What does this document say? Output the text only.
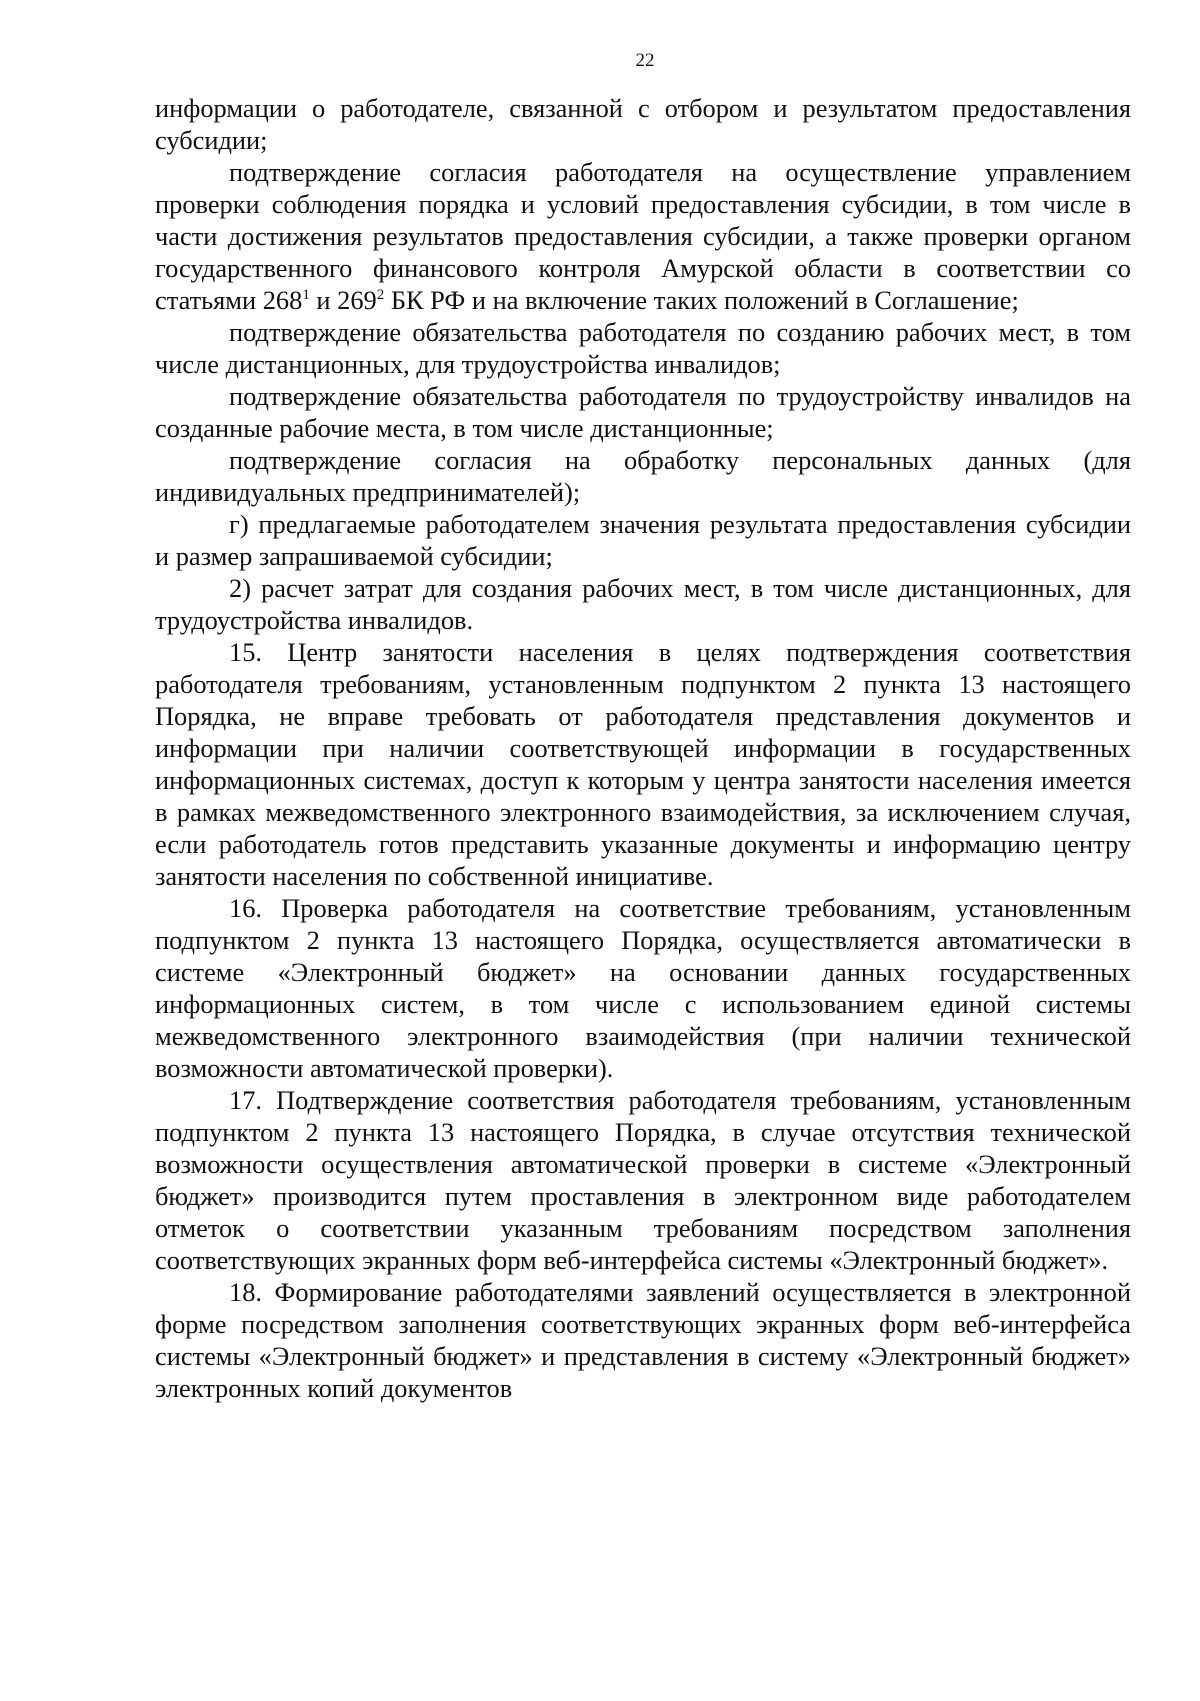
22

информации о работодателе, связанной с отбором и результатом предоставления субсидии;

подтверждение согласия работодателя на осуществление управлением проверки соблюдения порядка и условий предоставления субсидии, в том числе в части достижения результатов предоставления субсидии, а также проверки органом государственного финансового контроля Амурской области в соответствии со статьями $268^1$ и $269^2$ БК РФ и на включение таких положений в Соглашение;

подтверждение обязательства работодателя по созданию рабочих мест, в том числе дистанционных, для трудоустройства инвалидов;

подтверждение обязательства работодателя по трудоустройству инвалидов на созданные рабочие места, в том числе дистанционные;

подтверждение согласия на обработку персональных данных (для индивидуальных предпринимателей);

г) предлагаемые работодателем значения результата предоставления субсидии и размер запрашиваемой субсидии;

2) расчет затрат для создания рабочих мест, в том числе дистанционных, для трудоустройства инвалидов.

15. Центр занятости населения в целях подтверждения соответствия работодателя требованиям, установленным подпунктом 2 пункта 13 настоящего Порядка, не вправе требовать от работодателя представления документов и информации при наличии соответствующей информации в государственных информационных системах, доступ к которым у центра занятости населения имеется в рамках межведомственного электронного взаимодействия, за исключением случая, если работодатель готов представить указанные документы и информацию центру занятости населения по собственной инициативе.

16. Проверка работодателя на соответствие требованиям, установленным подпунктом 2 пункта 13 настоящего Порядка, осуществляется автоматически в системе «Электронный бюджет» на основании данных государственных информационных систем, в том числе с использованием единой системы межведомственного электронного взаимодействия (при наличии технической возможности автоматической проверки).

17. Подтверждение соответствия работодателя требованиям, установленным подпунктом 2 пункта 13 настоящего Порядка, в случае отсутствия технической возможности осуществления автоматической проверки в системе «Электронный бюджет» производится путем проставления в электронном виде работодателем отметок о соответствии указанным требованиям посредством заполнения соответствующих экранных форм веб-интерфейса системы «Электронный бюджет».

18. Формирование работодателями заявлений осуществляется в электронной форме посредством заполнения соответствующих экранных форм веб-интерфейса системы «Электронный бюджет» и представления в систему «Электронный бюджет» электронных копий документов
